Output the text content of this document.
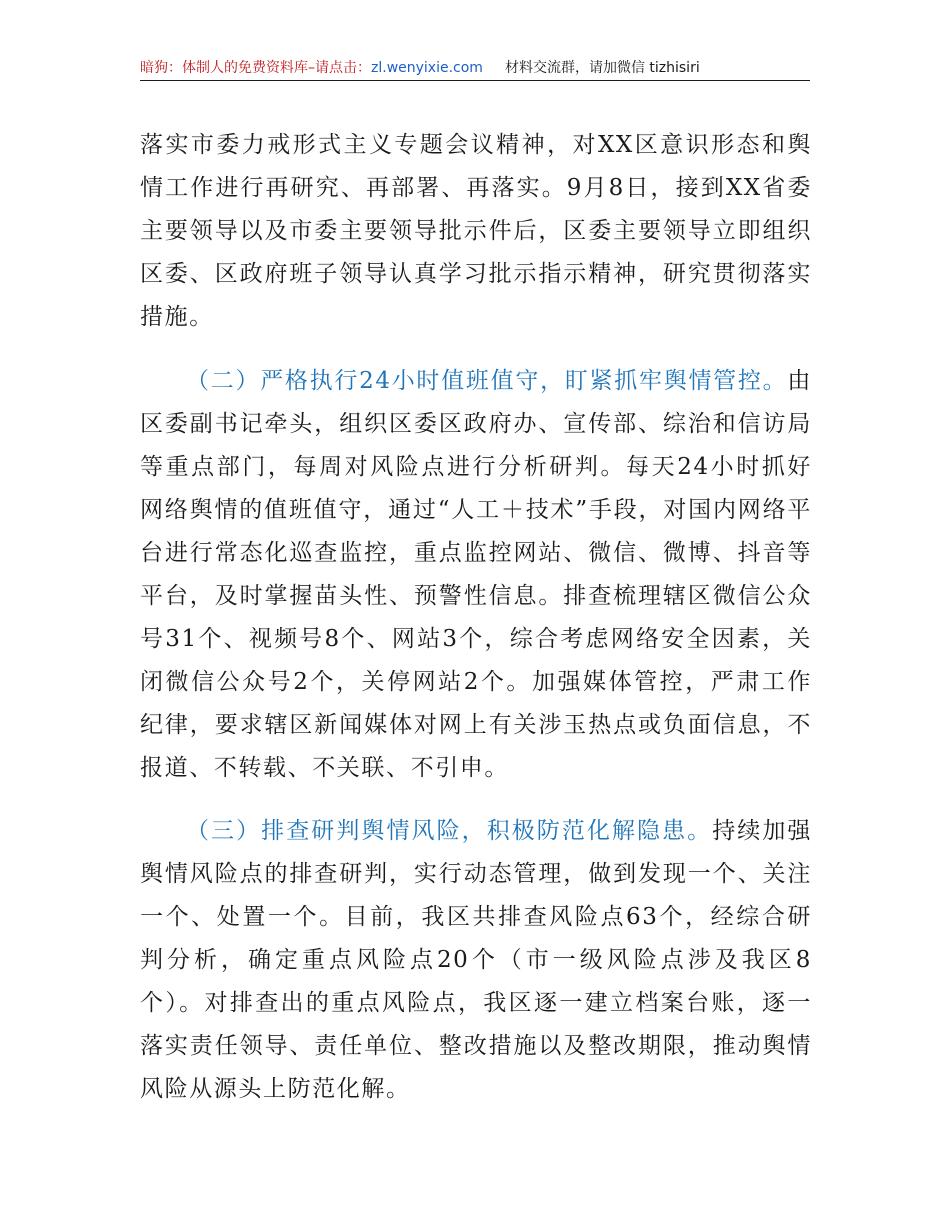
暗狗：体制人的免费资料库–请点击：zl.wenyixie.com 材料交流群，请加微信 tizhisiri

落实市委力戒形式主义专题会议精神，对XX区意识形态和舆情工作进行再研究、再部署、再落实。9月8日，接到XX省委主要领导以及市委主要领导批示件后，区委主要领导立即组织区委、区政府班子领导认真学习批示指示精神，研究贯彻落实措施。

（二）严格执行24小时值班值守，盯紧抓牢舆情管控。由区委副书记牵头，组织区委区政府办、宣传部、综治和信访局等重点部门，每周对风险点进行分析研判。每天24小时抓好网络舆情的值班值守，通过“人工＋技术”手段，对国内网络平台进行常态化巡查监控，重点监控网站、微信、微博、抖音等平台，及时掌握苗头性、预警性信息。排查梳理辖区微信公众号31个、视频号8个、网站3个，综合考虑网络安全因素，关闭微信公众号2个，关停网站2个。加强媒体管控，严肃工作纪律，要求辖区新闻媒体对网上有关涉玉热点或负面信息，不报道、不转载、不关联、不引申。

（三）排查研判舆情风险，积极防范化解隐患。持续加强舆情风险点的排查研判，实行动态管理，做到发现一个、关注一个、处置一个。目前，我区共排查风险点63个，经综合研判分析，确定重点风险点20个（市一级风险点涉及我区8个）。对排查出的重点风险点，我区逐一建立档案台账，逐一落实责任领导、责任单位、整改措施以及整改期限，推动舆情风险从源头上防范化解。
